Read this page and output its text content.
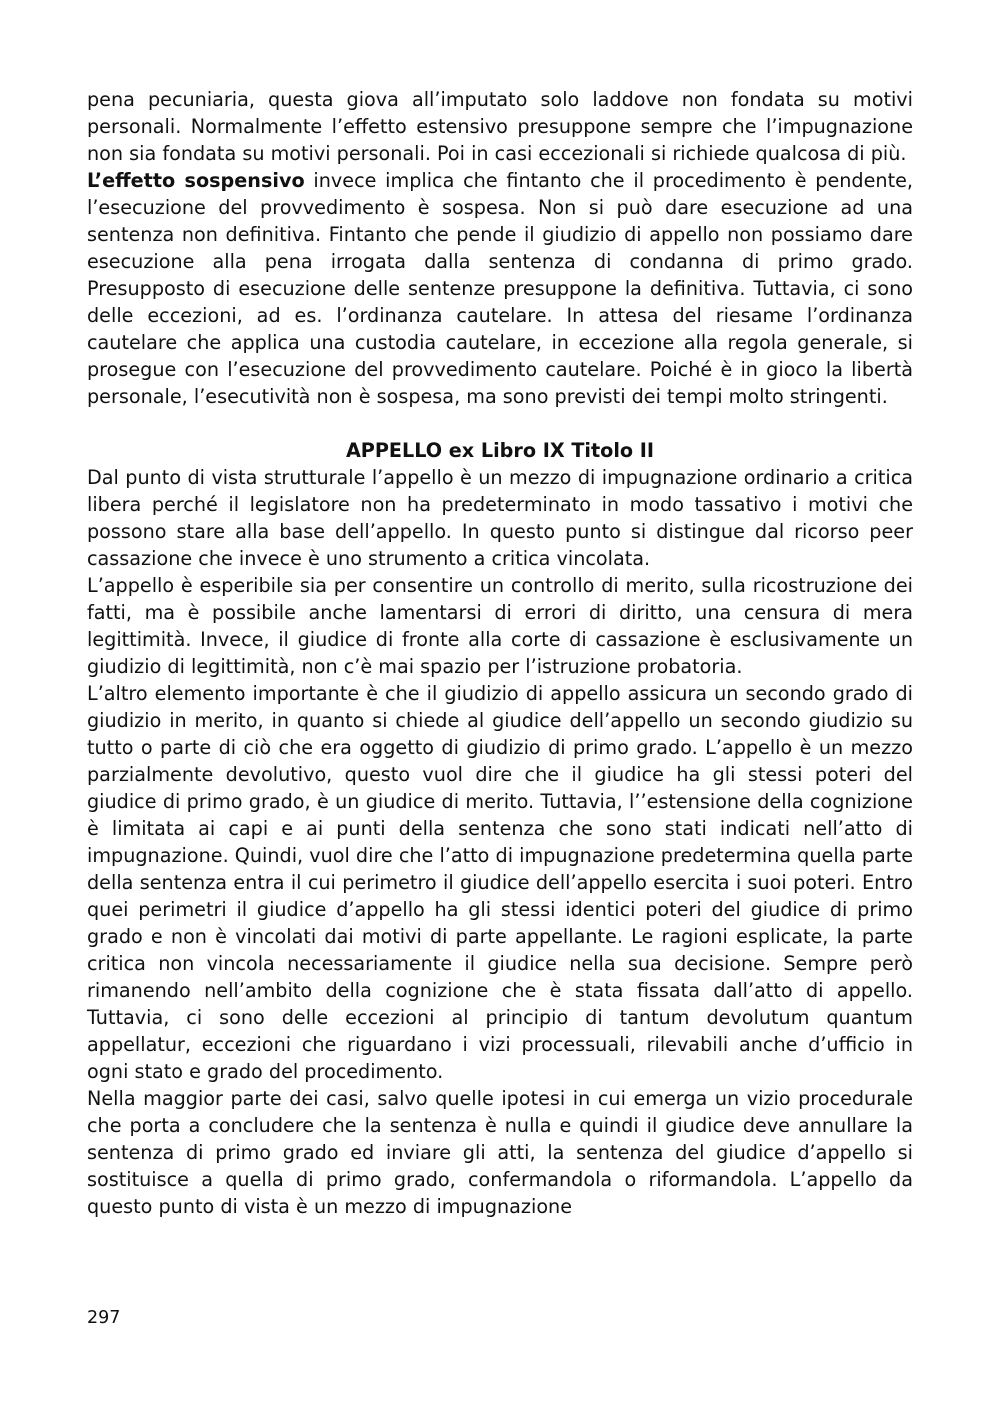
pena pecuniaria, questa giova all’imputato solo laddove non fondata su motivi personali. Normalmente l’effetto estensivo presuppone sempre che l’impugnazione non sia fondata su motivi personali. Poi in casi eccezionali si richiede qualcosa di più.

L’effetto sospensivo invece implica che fintanto che il procedimento è pendente, l’esecuzione del provvedimento è sospesa. Non si può dare esecuzione ad una sentenza non definitiva. Fintanto che pende il giudizio di appello non possiamo dare esecuzione alla pena irrogata dalla sentenza di condanna di primo grado. Presupposto di esecuzione delle sentenze presuppone la definitiva. Tuttavia, ci sono delle eccezioni, ad es. l’ordinanza cautelare. In attesa del riesame l’ordinanza cautelare che applica una custodia cautelare, in eccezione alla regola generale, si prosegue con l’esecuzione del provvedimento cautelare. Poiché è in gioco la libertà personale, l’esecutività non è sospesa, ma sono previsti dei tempi molto stringenti.

APPELLO ex Libro IX Titolo II

Dal punto di vista strutturale l’appello è un mezzo di impugnazione ordinario a critica libera perché il legislatore non ha predeterminato in modo tassativo i motivi che possono stare alla base dell’appello. In questo punto si distingue dal ricorso peer cassazione che invece è uno strumento a critica vincolata.

L’appello è esperibile sia per consentire un controllo di merito, sulla ricostruzione dei fatti, ma è possibile anche lamentarsi di errori di diritto, una censura di mera legittimità. Invece, il giudice di fronte alla corte di cassazione è esclusivamente un giudizio di legittimità, non c’è mai spazio per l’istruzione probatoria.

L’altro elemento importante è che il giudizio di appello assicura un secondo grado di giudizio in merito, in quanto si chiede al giudice dell’appello un secondo giudizio su tutto o parte di ciò che era oggetto di giudizio di primo grado. L’appello è un mezzo parzialmente devolutivo, questo vuol dire che il giudice ha gli stessi poteri del giudice di primo grado, è un giudice di merito. Tuttavia, l’’estensione della cognizione è limitata ai capi e ai punti della sentenza che sono stati indicati nell’atto di impugnazione. Quindi, vuol dire che l’atto di impugnazione predetermina quella parte della sentenza entra il cui perimetro il giudice dell’appello esercita i suoi poteri. Entro quei perimetri il giudice d’appello ha gli stessi identici poteri del giudice di primo grado e non è vincolati dai motivi di parte appellante. Le ragioni esplicate, la parte critica non vincola necessariamente il giudice nella sua decisione. Sempre però rimanendo nell’ambito della cognizione che è stata fissata dall’atto di appello. Tuttavia, ci sono delle eccezioni al principio di tantum devolutum quantum appellatur, eccezioni che riguardano i vizi processuali, rilevabili anche d’ufficio in ogni stato e grado del procedimento.

Nella maggior parte dei casi, salvo quelle ipotesi in cui emerga un vizio procedurale che porta a concludere che la sentenza è nulla e quindi il giudice deve annullare la sentenza di primo grado ed inviare gli atti, la sentenza del giudice d’appello si sostituisce a quella di primo grado, confermandola o riformandola. L’appello da questo punto di vista è un mezzo di impugnazione

297
